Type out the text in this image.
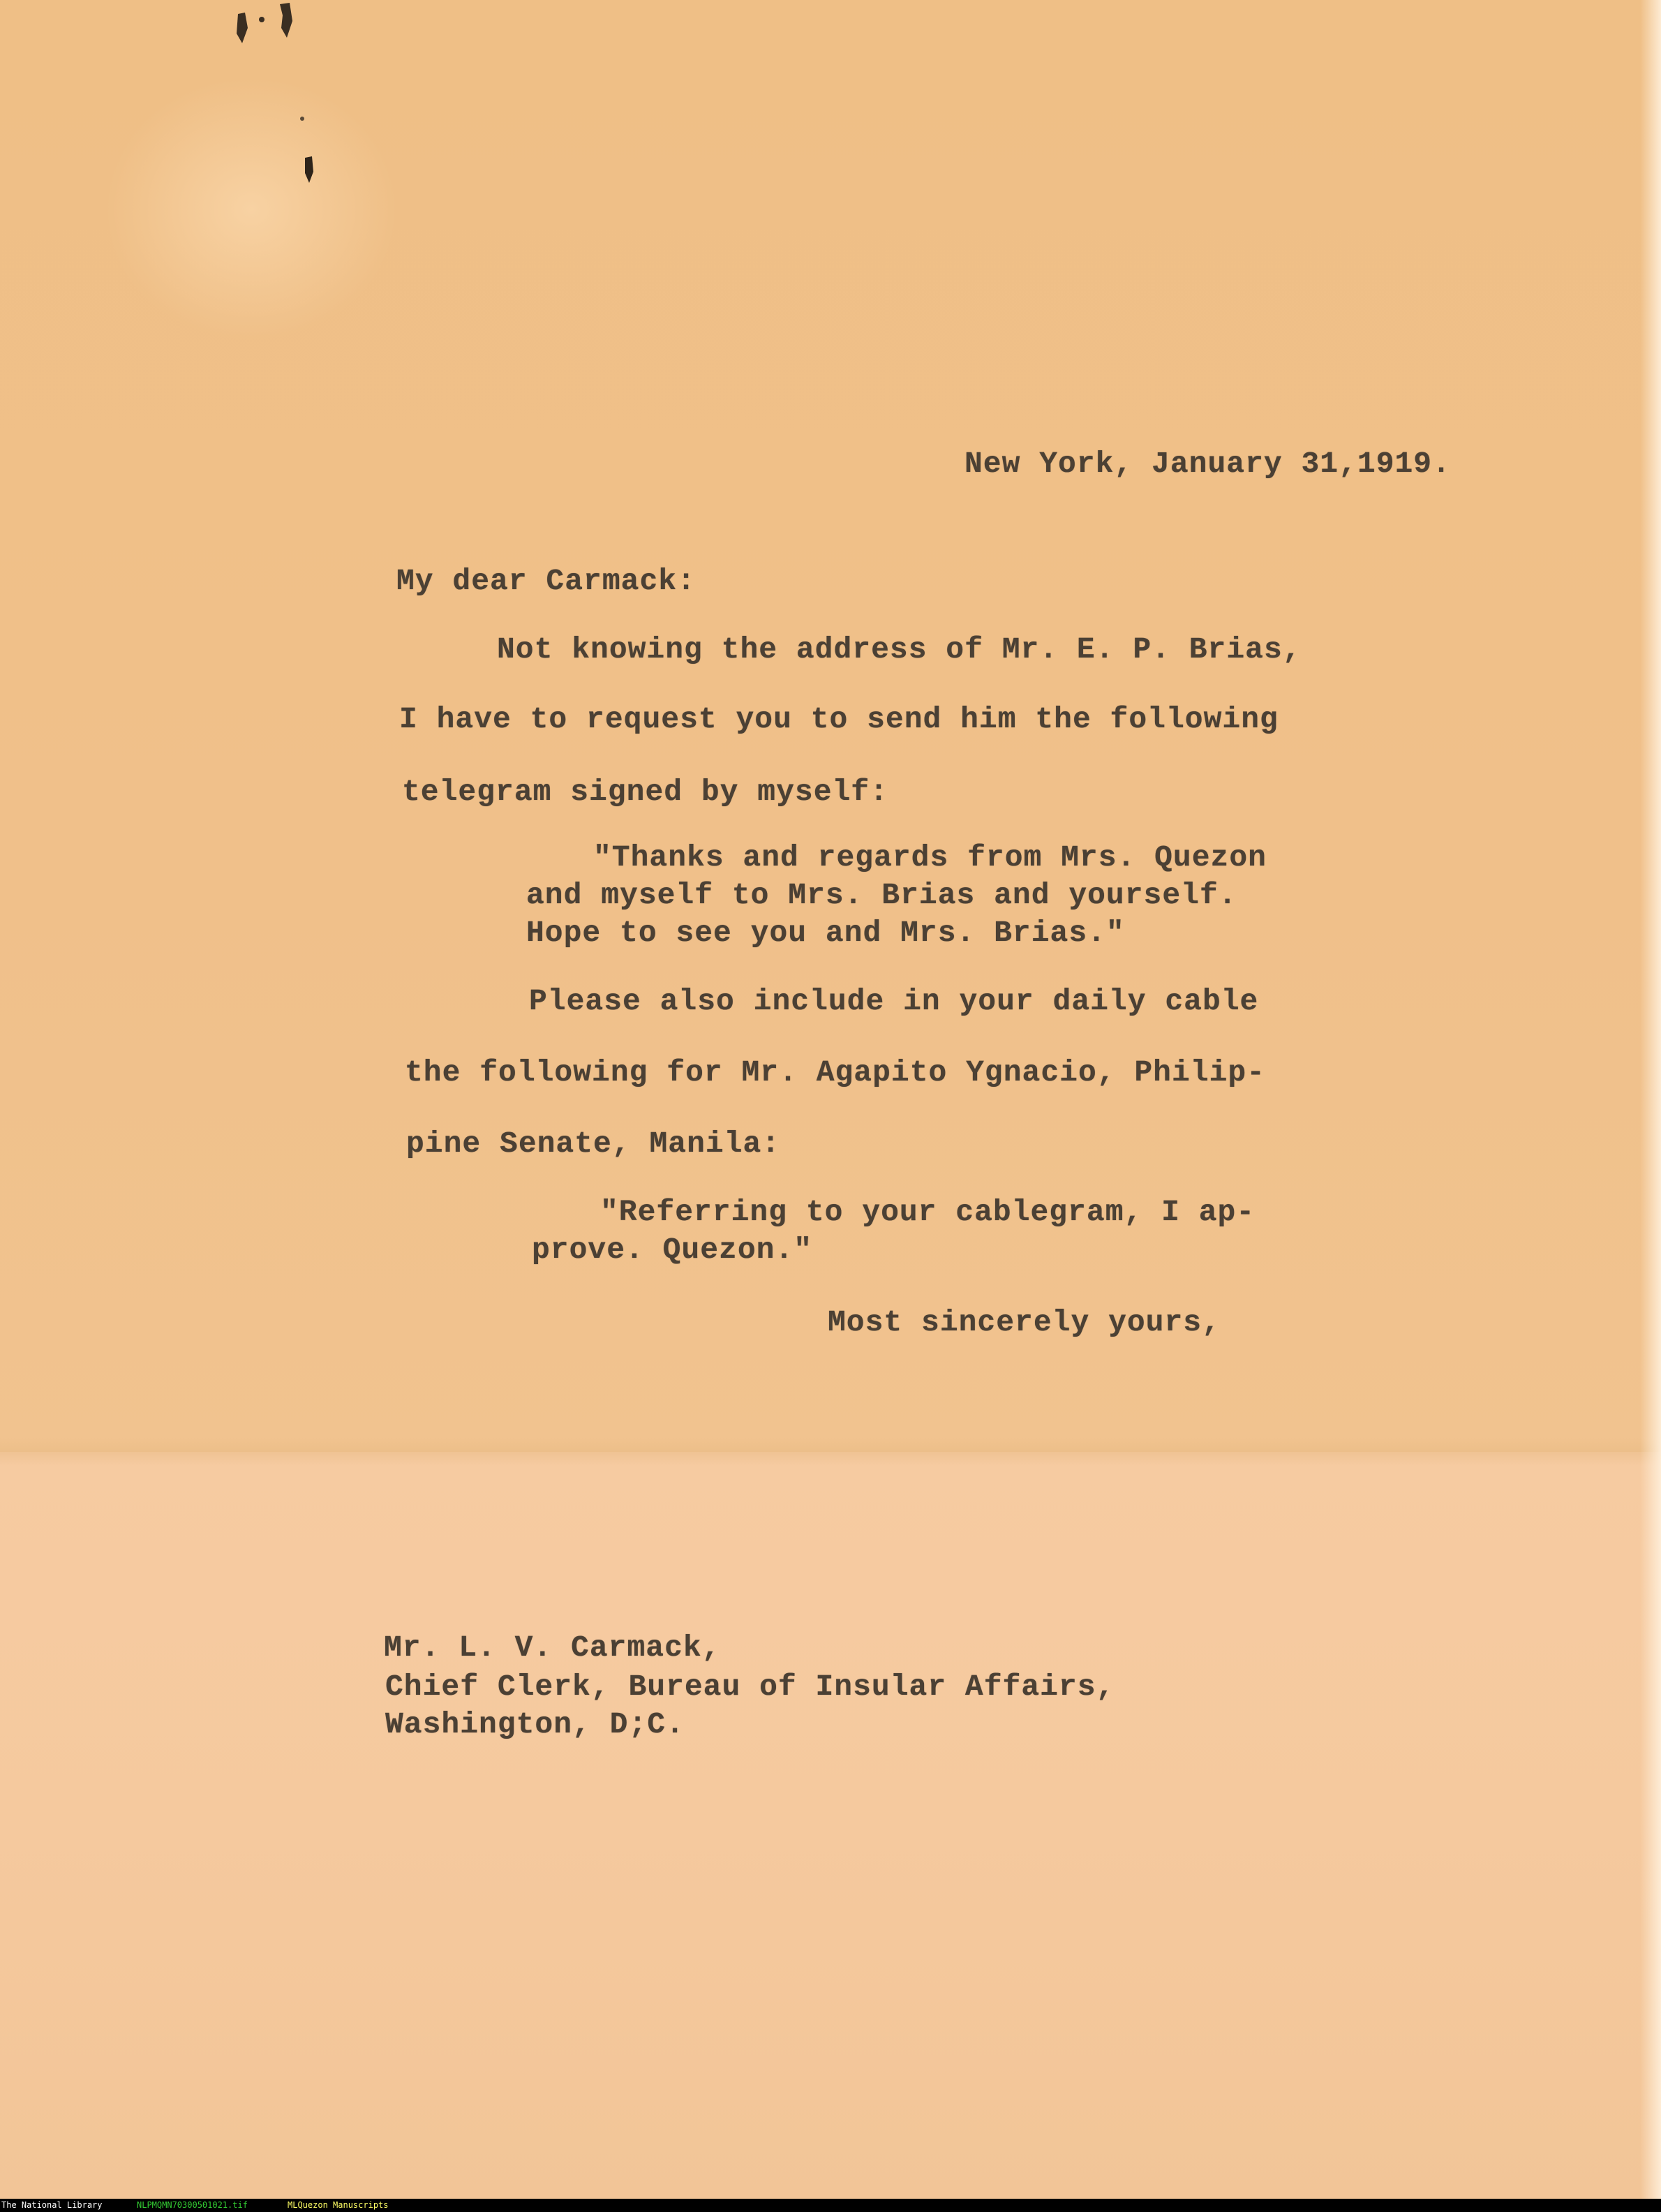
New York, January 31,1919.

My dear Carmack:

Not knowing the address of Mr. E. P. Brias,

I have to request you to send him the following

telegram signed by myself:

"Thanks and regards from Mrs. Quezon

and myself to Mrs. Brias and yourself.

Hope to see you and Mrs. Brias."

Please also include in your daily cable

the following for Mr. Agapito Ygnacio, Philip-

pine Senate, Manila:

"Referring to your cablegram, I ap-

prove. Quezon."

Most sincerely yours,

Mr. L. V. Carmack,

Chief Clerk, Bureau of Insular Affairs,

Washington, D;C.

The National Library	NLPMQMN70300501021.tif	MLQuezon Manuscripts
